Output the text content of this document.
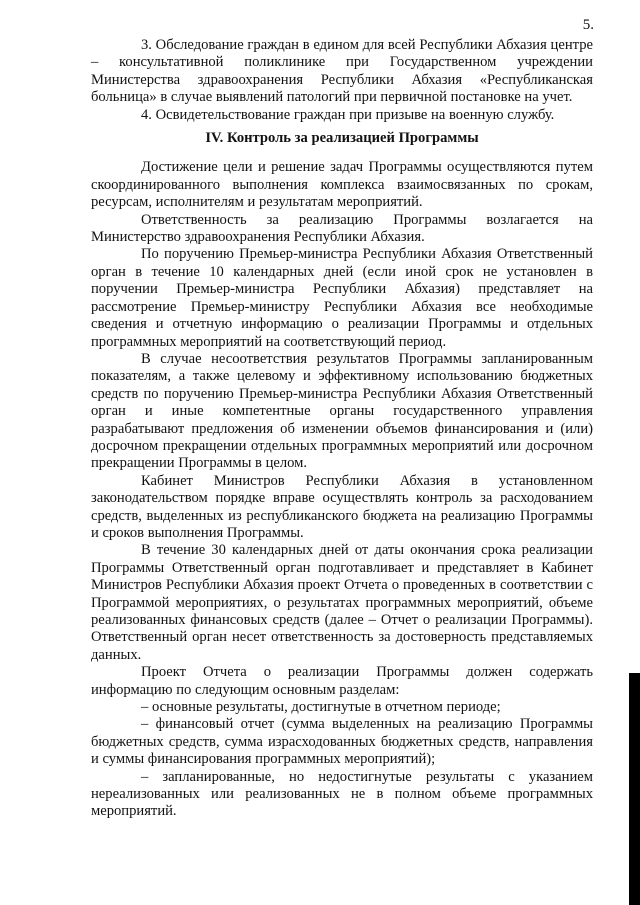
5.

3. Обследование граждан в едином для всей Республики Абхазия центре – консультативной поликлинике при Государственном учреждении Министерства здравоохранения Республики Абхазия «Республиканская больница» в случае выявлений патологий при первичной постановке на учет.

4. Освидетельствование граждан при призыве на военную службу.

IV. Контроль за реализацией Программы

Достижение цели и решение задач Программы осуществляются путем скоординированного выполнения комплекса взаимосвязанных по срокам, ресурсам, исполнителям и результатам мероприятий.

Ответственность за реализацию Программы возлагается на Министерство здравоохранения Республики Абхазия.

По поручению Премьер-министра Республики Абхазия Ответственный орган в течение 10 календарных дней (если иной срок не установлен в поручении Премьер-министра Республики Абхазия) представляет на рассмотрение Премьер-министру Республики Абхазия все необходимые сведения и отчетную информацию о реализации Программы и отдельных программных мероприятий на соответствующий период.

В случае несоответствия результатов Программы запланированным показателям, а также целевому и эффективному использованию бюджетных средств по поручению Премьер-министра Республики Абхазия Ответственный орган и иные компетентные органы государственного управления разрабатывают предложения об изменении объемов финансирования и (или) досрочном прекращении отдельных программных мероприятий или досрочном прекращении Программы в целом.

Кабинет Министров Республики Абхазия в установленном законодательством порядке вправе осуществлять контроль за расходованием средств, выделенных из республиканского бюджета на реализацию Программы и сроков выполнения Программы.

В течение 30 календарных дней от даты окончания срока реализации Программы Ответственный орган подготавливает и представляет в Кабинет Министров Республики Абхазия проект Отчета о проведенных в соответствии с Программой мероприятиях, о результатах программных мероприятий, объеме реализованных финансовых средств (далее – Отчет о реализации Программы). Ответственный орган несет ответственность за достоверность представляемых данных.

Проект Отчета о реализации Программы должен содержать информацию по следующим основным разделам:

– основные результаты, достигнутые в отчетном периоде;

– финансовый отчет (сумма выделенных на реализацию Программы бюджетных средств, сумма израсходованных бюджетных средств, направления и суммы финансирования программных мероприятий);

– запланированные, но недостигнутые результаты с указанием нереализованных или реализованных не в полном объеме программных мероприятий.
